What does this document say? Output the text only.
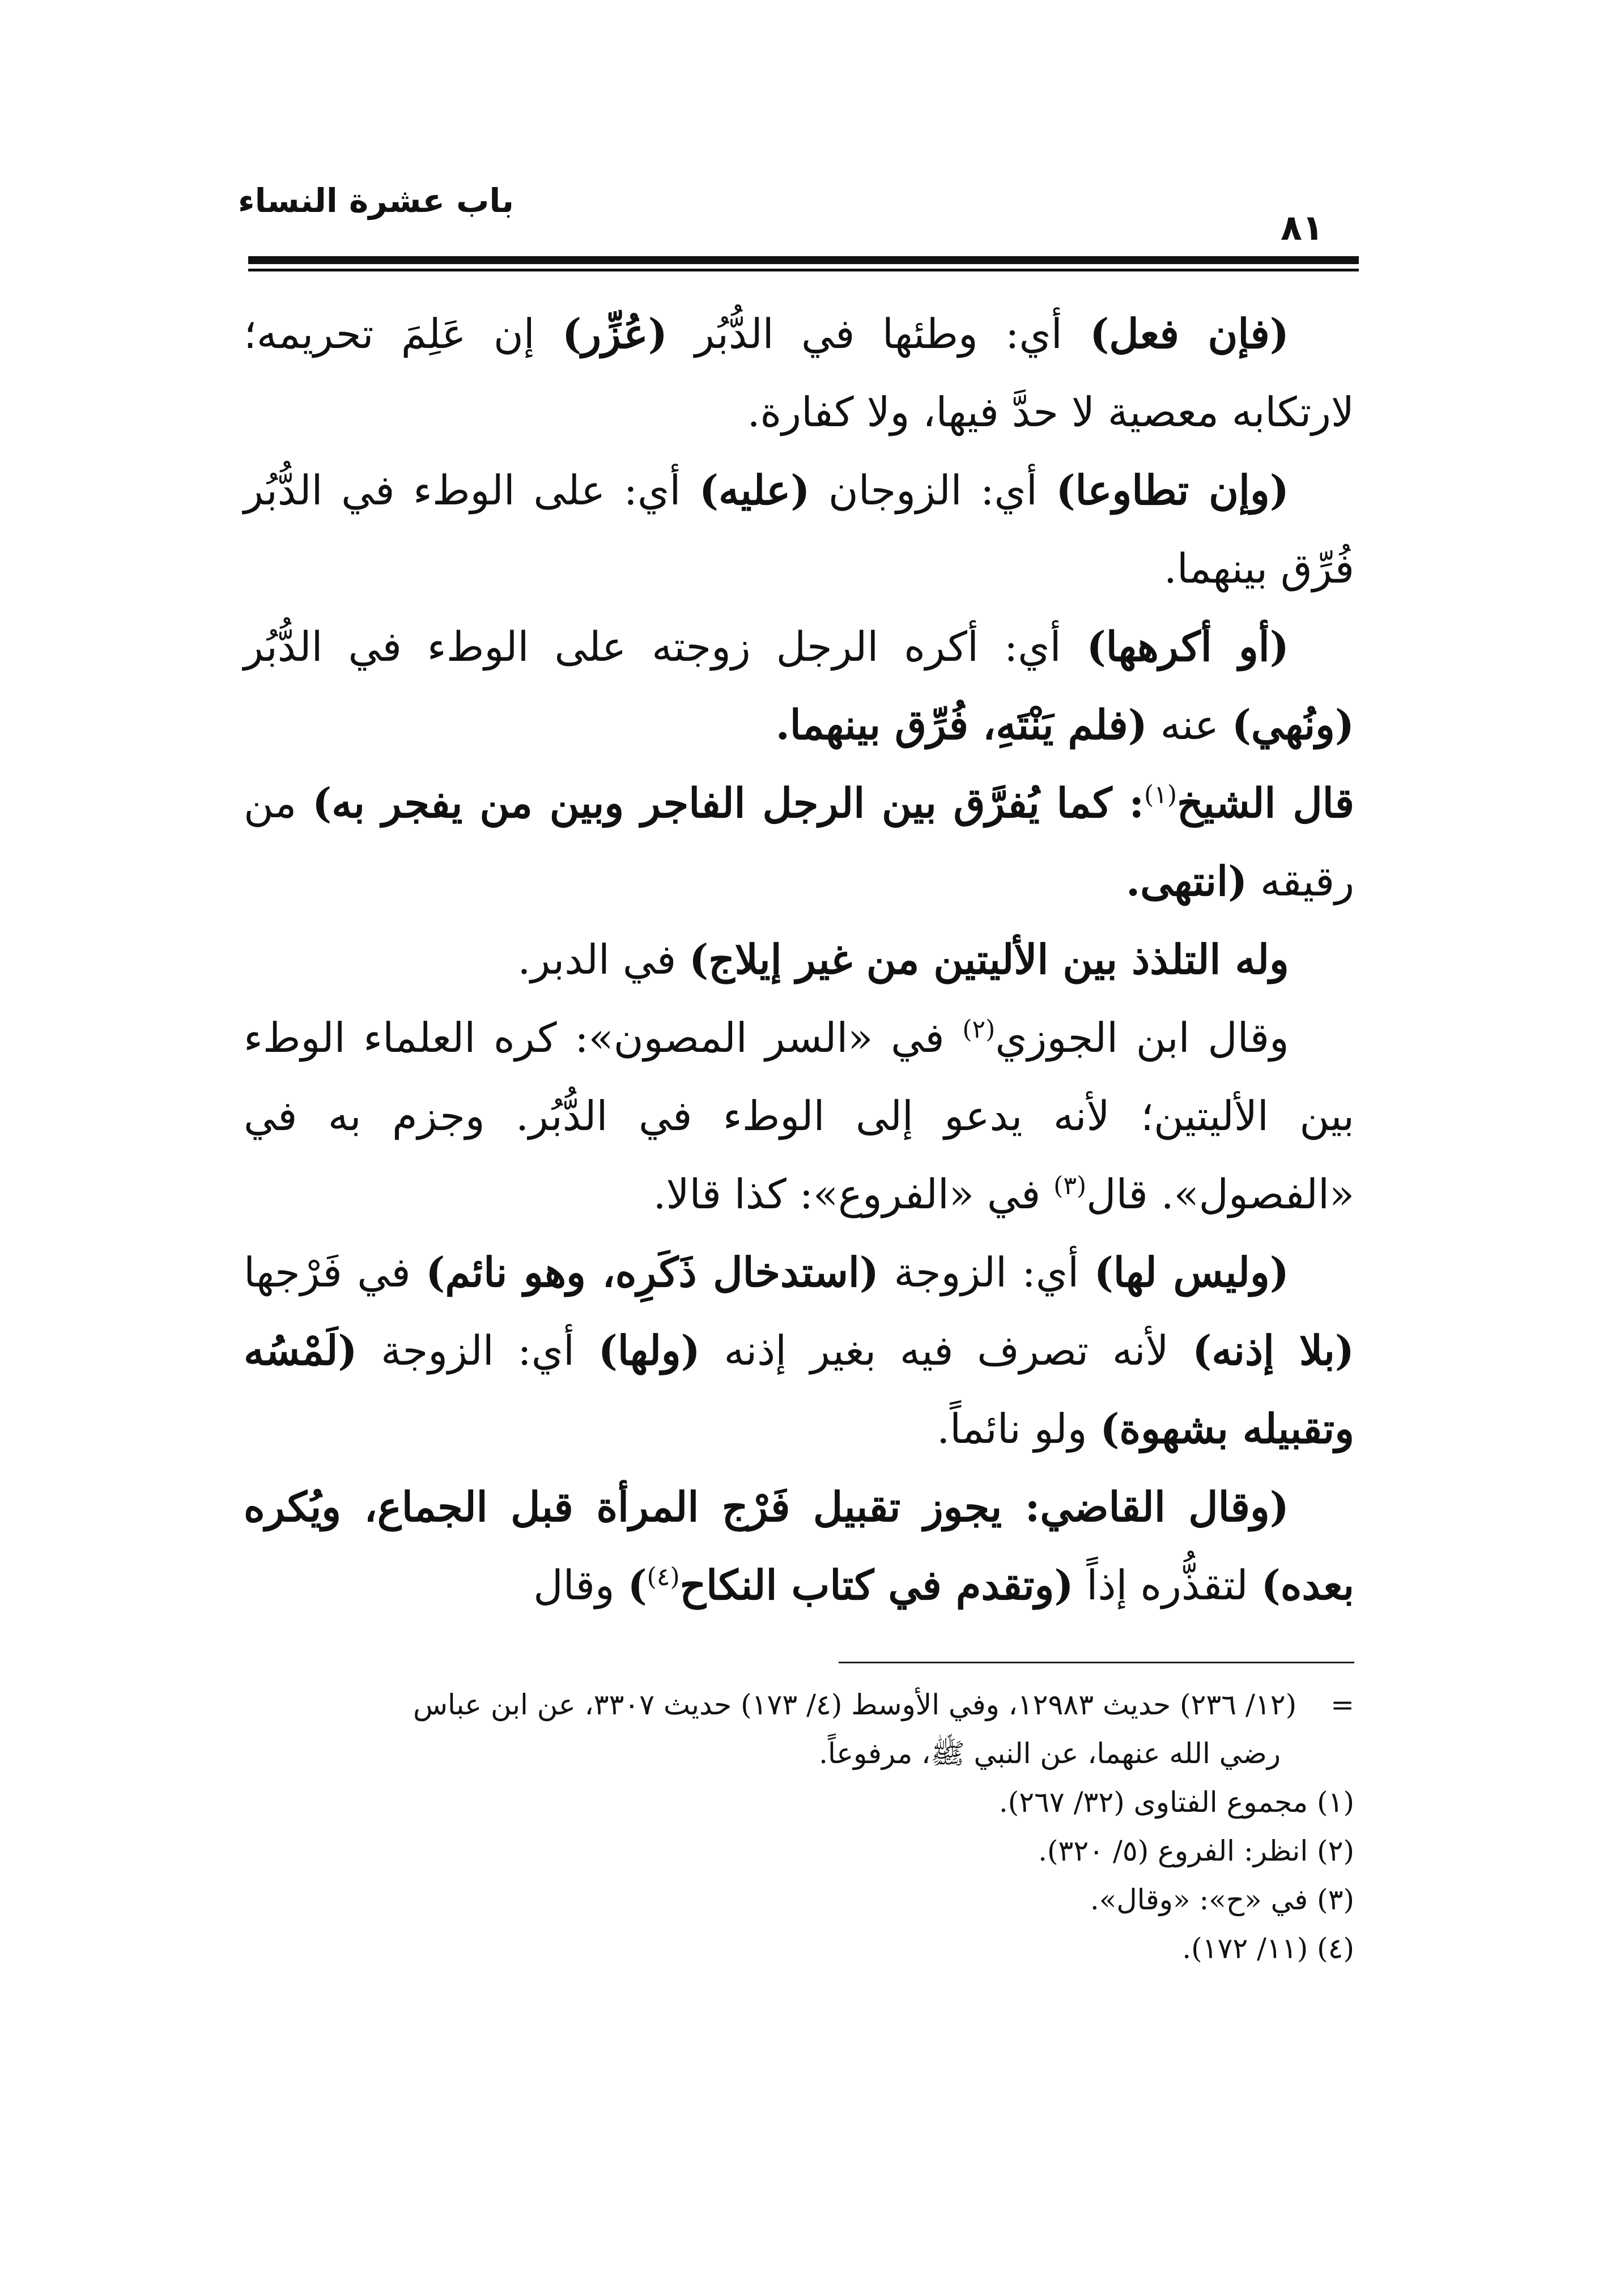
باب عشرة النساء
٨١

(فإن فعل) أي: وطئها في الدُّبُر (عُزِّر) إن عَلِمَ تحريمه؛ لارتكابه معصية لا حدَّ فيها، ولا كفارة.

(وإن تطاوعا) أي: الزوجان (عليه) أي: على الوطء في الدُّبُر فُرِّق بينهما.

(أو أكرهها) أي: أكره الرجل زوجته على الوطء في الدُّبُر (ونُهي) عنه (فلم يَنْتَهِ، فُرِّق بينهما.

قال الشيخ$^{(١)}$: كما يُفرَّق بين الرجل الفاجر وبين من يفجر به) من رقيقه (انتهى.

وله التلذذ بين الأليتين من غير إيلاج) في الدبر.

وقال ابن الجوزي$^{(٢)}$ في «السر المصون»: كره العلماء الوطء بين الأليتين؛ لأنه يدعو إلى الوطء في الدُّبُر. وجزم به في «الفصول». قال$^{(٣)}$ في «الفروع»: كذا قالا.

(وليس لها) أي: الزوجة (استدخال ذَكَرِه، وهو نائم) في فَرْجها (بلا إذنه) لأنه تصرف فيه بغير إذنه (ولها) أي: الزوجة (لَمْسُه وتقبيله بشهوة) ولو نائماً.

(وقال القاضي: يجوز تقبيل فَرْج المرأة قبل الجماع، ويُكره بعده) لتقذُّره إذاً (وتقدم في كتاب النكاح$^{(٤)}$) وقال

=(١٢/ ٢٣٦) حديث ١٢٩٨٣، وفي الأوسط (٤/ ١٧٣) حديث ٣٣٠٧، عن ابن عباس

رضي الله عنهما، عن النبي ﷺ، مرفوعاً.

(١) مجموع الفتاوى (٣٢/ ٢٦٧).

(٢) انظر: الفروع (٥/ ٣٢٠).

(٣) في «ح»: «وقال».

(٤) (١١/ ١٧٢).
